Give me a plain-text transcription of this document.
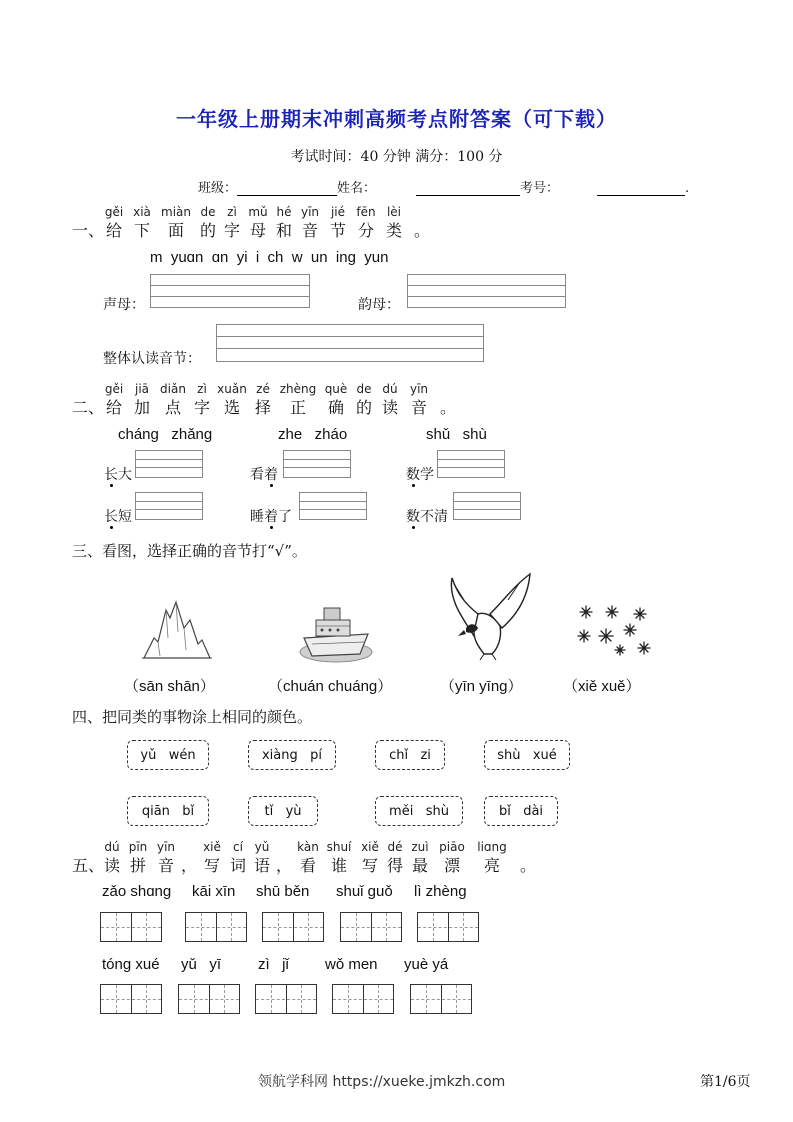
一年级上册期末冲刺高频考点附答案（可下载）
考试时间：40 分钟 满分：100 分
班级：	姓名：	考号：	.
gěi xià miàn de zì mǔ hé yīn jié fēn lèi
一、 给 下	面 的 字 母 和 音 节 分 类 。
m  yuɑn  ɑn  yi  i  ch  w  un  ing  yun
声母：	韵母：
整体认读音节：
gěi jiā diǎn zì xuǎn zé zhèng què de dú	yīn
二、 给 加 点 字 选 择	正	确 的 读 音 。
cháng   zhǎng	zhe   zháo	shǔ   shù
长大	看着	数学
长短	睡着了	数不清
三、看图，选择正确的音节打“√”。
（sān shān）	（chuán chuáng）	（yīn yīng）	（xiě xuě）
四、把同类的事物涂上相同的颜色。
yǔ   wén	xiàng   pí	chǐ   zi	shù   xué
qiān   bǐ	tǐ   yù	měi   shù	bǐ   dài
dú pīn yīn	xiě	cí yǔ	kàn shuí xiě dé zuì piāo	liɑng
五、 读 拼 音 ， 写 词 语 ， 看 谁 写 得 最 漂	亮	。
zǎo shɑng kāi xīn shū běn shuǐ guǒ lì zhèng
tóng xué yǔ   yī zì   jǐ wǒ men yuè yá
领航学科网 https://xueke.jmkzh.com	第1/6页
